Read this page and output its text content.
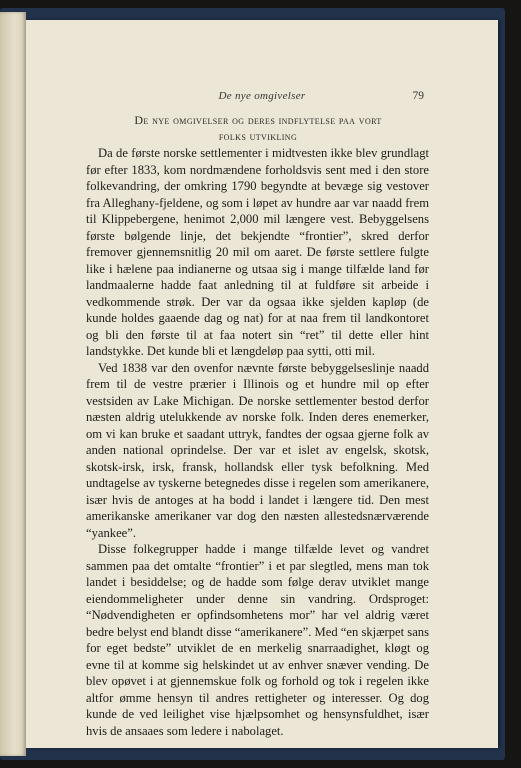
De nye omgivelser	79
De nye omgivelser og deres indflytelse paa vort
folks utvikling

Da de første norske settlementer i midtvesten ikke blev grundlagt før efter 1833, kom nordmændene forholdsvis sent med i den store folkevandring, der omkring 1790 begyndte at bevæge sig vestover fra Alleghany-fjeldene, og som i løpet av hundre aar var naadd frem til Klippebergene, henimot 2,000 mil længere vest. Bebyggelsens første bølgende linje, det bekjendte “frontier”, skred derfor fremover gjennemsnitlig 20 mil om aaret. De første settlere fulgte like i hælene paa indianerne og utsaa sig i mange tilfælde land før landmaalerne hadde faat anledning til at fuldføre sit arbeide i vedkommende strøk. Der var da ogsaa ikke sjelden kapløp (de kunde holdes gaaende dag og nat) for at naa frem til landkontoret og bli den første til at faa notert sin “ret” til dette eller hint landstykke. Det kunde bli et længdeløp paa sytti, otti mil.

Ved 1838 var den ovenfor nævnte første bebyggelseslinje naadd frem til de vestre prærier i Illinois og et hundre mil op efter vestsiden av Lake Michigan. De norske settlementer bestod derfor næsten aldrig utelukkende av norske folk. Inden deres enemerker, om vi kan bruke et saadant uttryk, fandtes der ogsaa gjerne folk av anden national oprindelse. Der var et islet av engelsk, skotsk, skotsk-irsk, irsk, fransk, hollandsk eller tysk befolkning. Med undtagelse av tyskerne betegnedes disse i regelen som amerikanere, især hvis de antoges at ha bodd i landet i længere tid. Den mest amerikanske amerikaner var dog den næsten allestedsnærværende “yankee”.

Disse folkegrupper hadde i mange tilfælde levet og vandret sammen paa det omtalte “frontier” i et par slegtled, mens man tok landet i besiddelse; og de hadde som følge derav utviklet mange eiendommeligheter under denne sin vandring. Ordsproget: “Nødvendigheten er opfindsomhetens mor” har vel aldrig været bedre belyst end blandt disse “amerikanere”. Med “en skjærpet sans for eget bedste” utviklet de en merkelig snarraadighet, kløgt og evne til at komme sig helskindet ut av enhver snæver vending. De blev opøvet i at gjennemskue folk og forhold og tok i regelen ikke altfor ømme hensyn til andres rettigheter og interesser. Og dog kunde de ved leilighet vise hjælpsomhet og hensynsfuldhet, især hvis de ansaaes som ledere i nabolaget.
